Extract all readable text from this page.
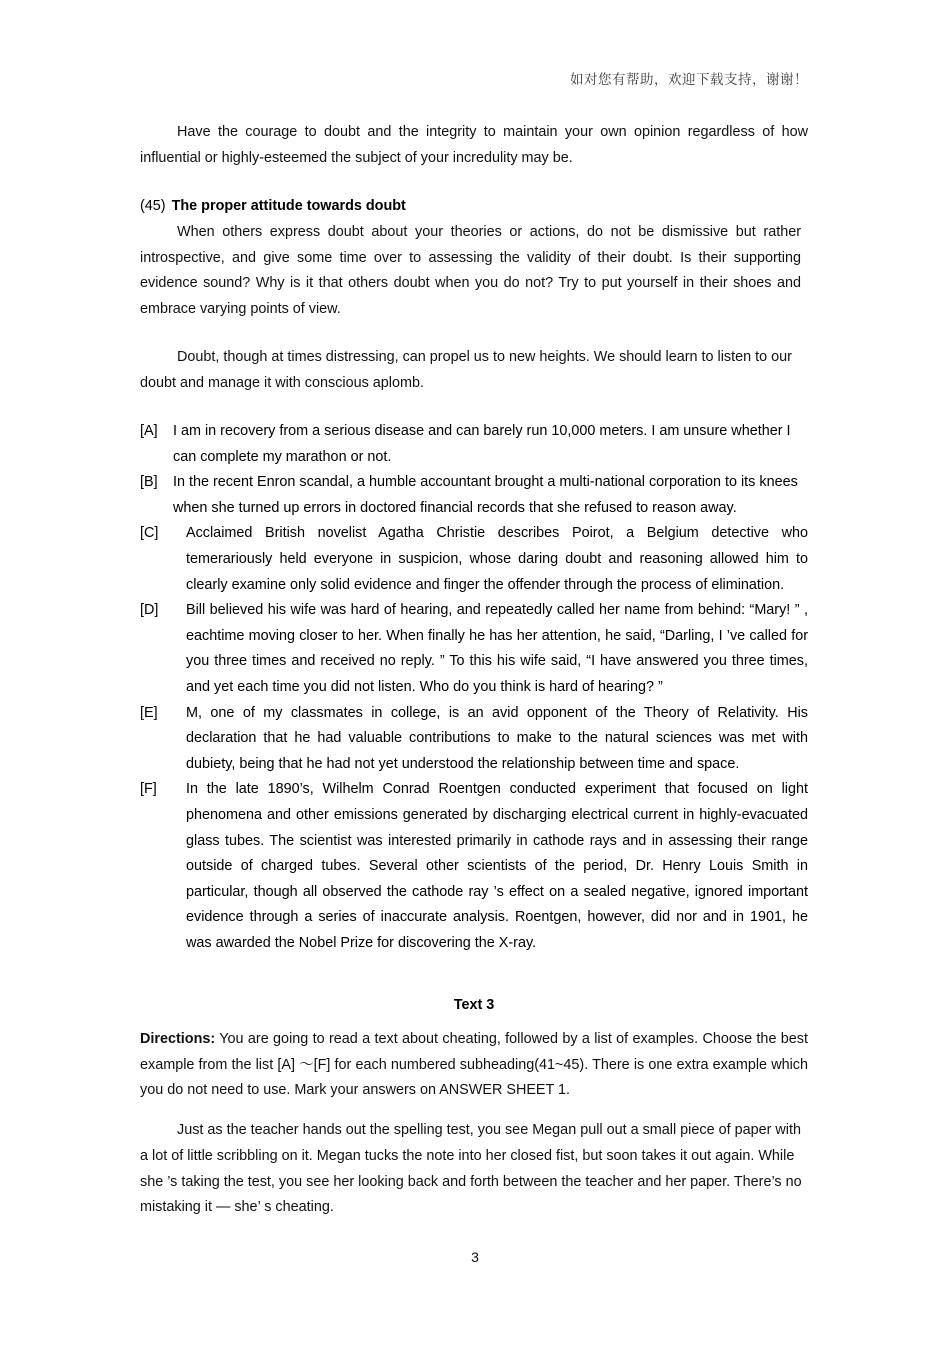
如对您有帮助，欢迎下载支持，谢谢！

Have the courage to doubt and the integrity to maintain your own opinion regardless of how influential or highly-esteemed the subject of your incredulity may be.

(45) The proper attitude towards doubt

When others express doubt about your theories or actions, do not be dismissive but rather introspective, and give some time over to assessing the validity of their doubt. Is their supporting evidence sound? Why is it that others doubt when you do not? Try to put yourself in their shoes and embrace varying points of view.

Doubt, though at times distressing, can propel us to new heights. We should learn to listen to our doubt and manage it with conscious aplomb.

[A]	I am in recovery from a serious disease and can barely run 10,000 meters. I am unsure whether I can complete my marathon or not.

[B]	In the recent Enron scandal, a humble accountant brought a multi-national corporation to its knees when she turned up errors in doctored financial records that she refused to reason away.

[C]	Acclaimed British novelist Agatha Christie describes Poirot, a Belgium detective who temerariously held everyone in suspicion, whose daring doubt and reasoning allowed him to clearly examine only solid evidence and finger the offender through the process of elimination.

[D]	Bill believed his wife was hard of hearing, and repeatedly called her name from behind: “Mary! ” , eachtime moving closer to her. When finally he has her attention, he said, “Darling, I ’ve called for you three times and received no reply. ” To this his wife said, “I have answered you three times, and yet each time you did not listen. Who do you think is hard of hearing? ”

[E]	M, one of my classmates in college, is an avid opponent of the Theory of Relativity. His declaration that he had valuable contributions to make to the natural sciences was met with dubiety, being that he had not yet understood the relationship between time and space.

[F]	In the late 1890’s, Wilhelm Conrad Roentgen conducted experiment that focused on light phenomena and other emissions generated by discharging electrical current in highly-evacuated glass tubes. The scientist was interested primarily in cathode rays and in assessing their range outside of charged tubes. Several other scientists of the period, Dr. Henry Louis Smith in particular, though all observed the cathode ray ’s effect on a sealed negative, ignored important evidence through a series of inaccurate analysis. Roentgen, however, did nor and in 1901, he was awarded the Nobel Prize for discovering the X-ray.

Text 3

Directions: You are going to read a text about cheating, followed by a list of examples. Choose the best example from the list [A] ～[F] for each numbered subheading(41~45). There is one extra example which you do not need to use. Mark your answers on ANSWER SHEET 1.

Just as the teacher hands out the spelling test, you see Megan pull out a small piece of paper with a lot of little scribbling on it. Megan tucks the note into her closed fist, but soon takes it out again. While she ’s taking the test, you see her looking back and forth between the teacher and her paper. There’s no mistaking it — she’ s cheating.

3
